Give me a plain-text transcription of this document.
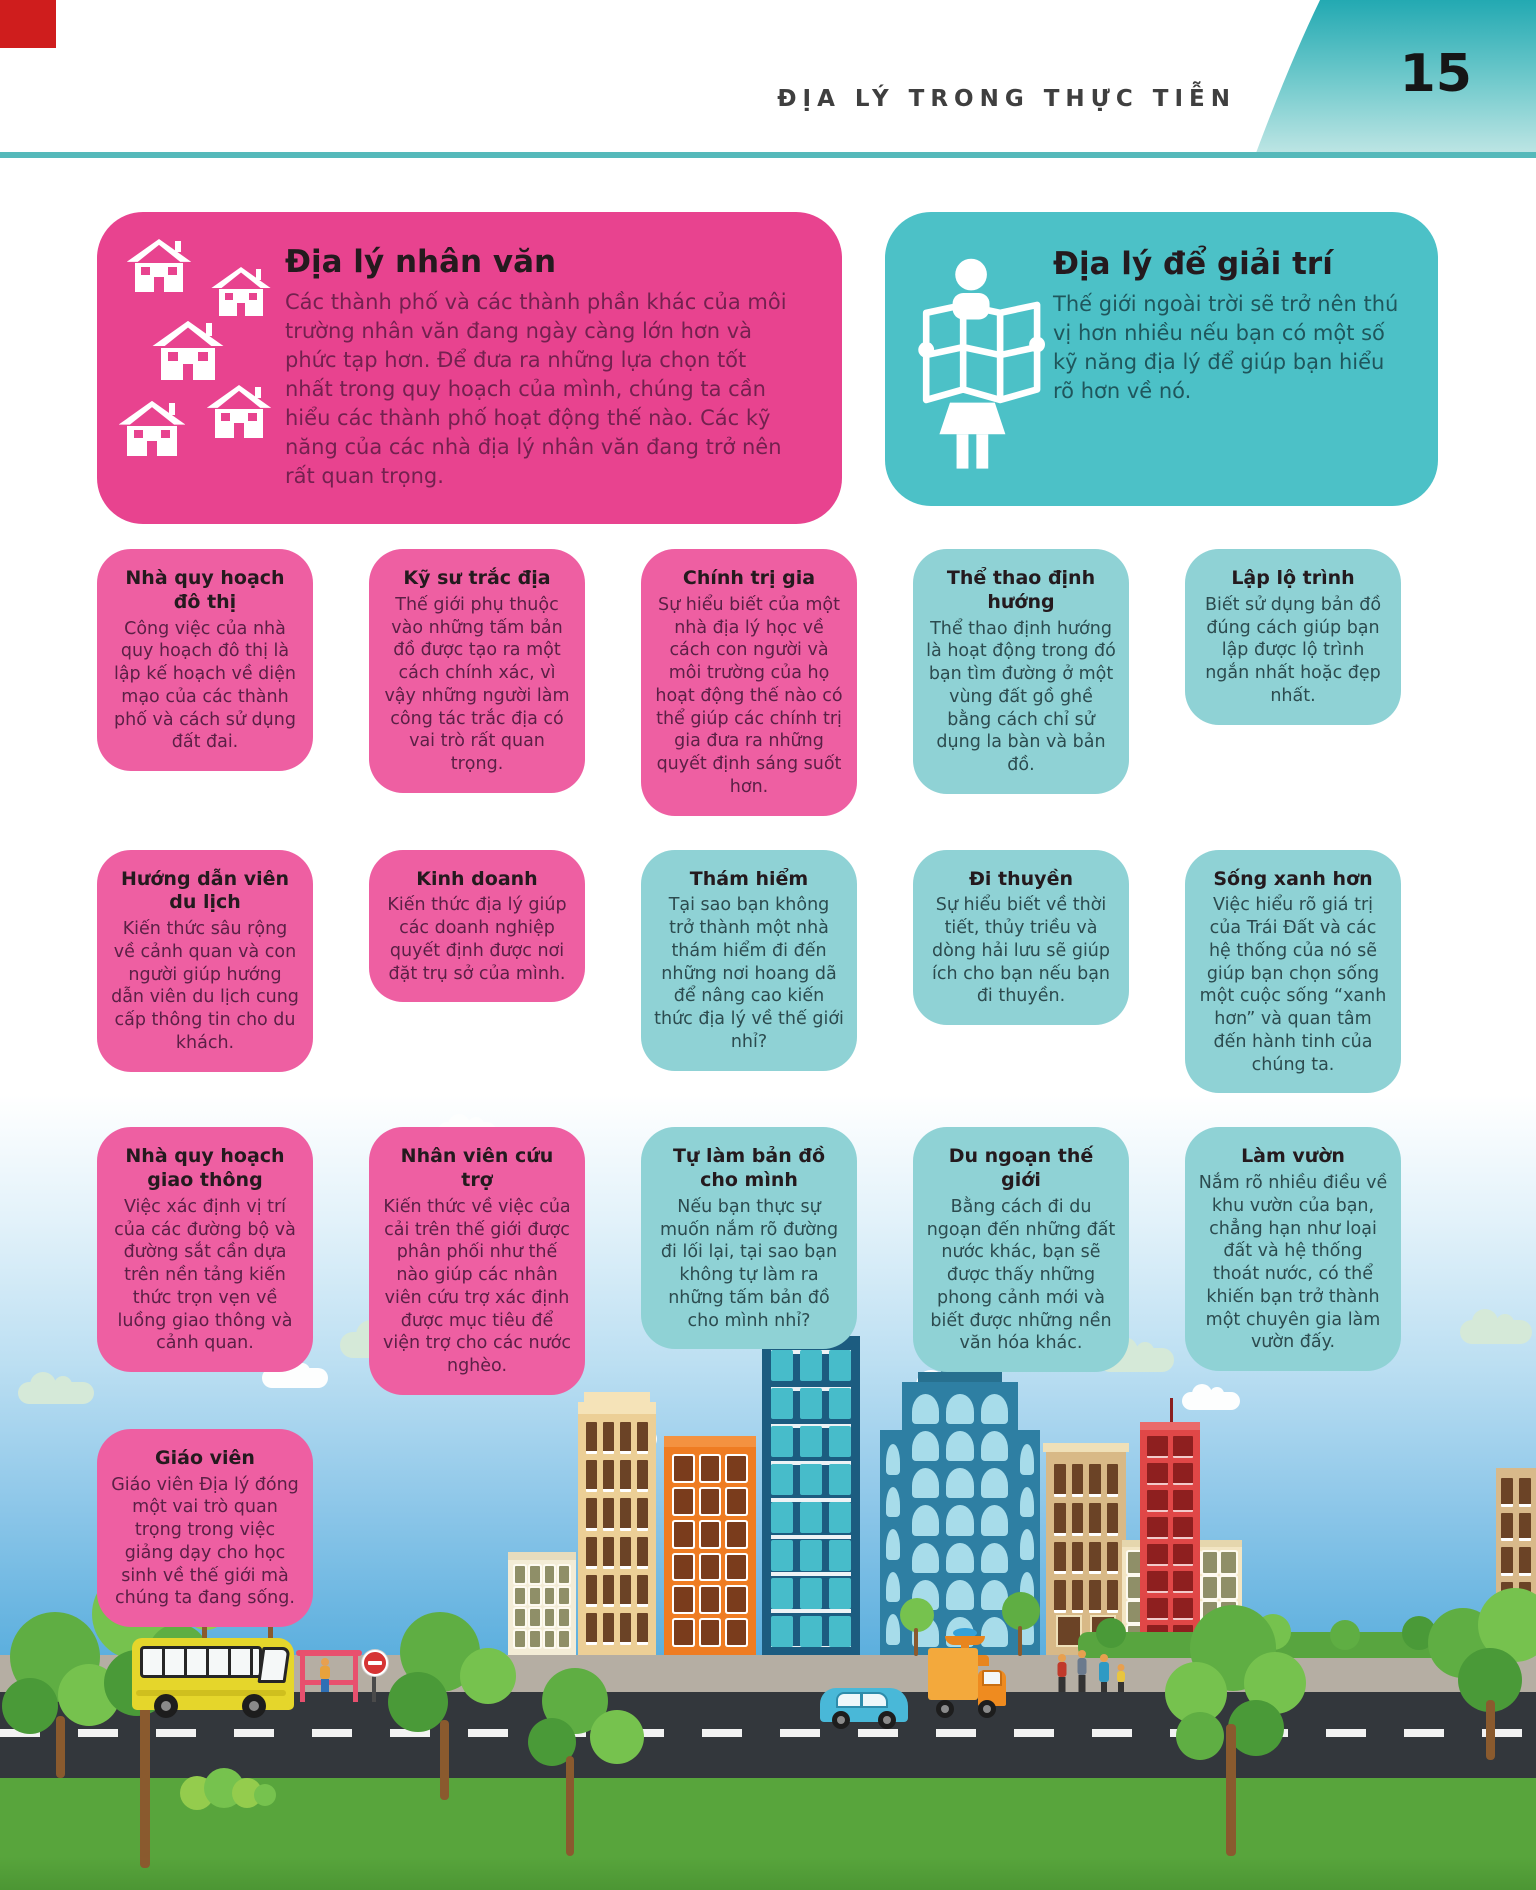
ĐỊA LÝ TRONG THỰC TIỄN	15
Địa lý nhân văn
Các thành phố và các thành phần khác của môi trường nhân văn đang ngày càng lớn hơn và phức tạp hơn. Để đưa ra những lựa chọn tốt nhất trong quy hoạch của mình, chúng ta cần hiểu các thành phố hoạt động thế nào. Các kỹ năng của các nhà địa lý nhân văn đang trở nên rất quan trọng.
Địa lý để giải trí
Thế giới ngoài trời sẽ trở nên thú vị hơn nhiều nếu bạn có một số kỹ năng địa lý để giúp bạn hiểu rõ hơn về nó.
Nhà quy hoạch đô thị
Công việc của nhà quy hoạch đô thị là lập kế hoạch về diện mạo của các thành phố và cách sử dụng đất đai.
Kỹ sư trắc địa
Thế giới phụ thuộc vào những tấm bản đồ được tạo ra một cách chính xác, vì vậy những người làm công tác trắc địa có vai trò rất quan trọng.
Chính trị gia
Sự hiểu biết của một nhà địa lý học về cách con người và môi trường của họ hoạt động thế nào có thể giúp các chính trị gia đưa ra những quyết định sáng suốt hơn.
Thể thao định hướng
Thể thao định hướng là hoạt động trong đó bạn tìm đường ở một vùng đất gồ ghề bằng cách chỉ sử dụng la bàn và bản đồ.
Lập lộ trình
Biết sử dụng bản đồ đúng cách giúp bạn lập được lộ trình ngắn nhất hoặc đẹp nhất.
Hướng dẫn viên du lịch
Kiến thức sâu rộng về cảnh quan và con người giúp hướng dẫn viên du lịch cung cấp thông tin cho du khách.
Kinh doanh
Kiến thức địa lý giúp các doanh nghiệp quyết định được nơi đặt trụ sở của mình.
Thám hiểm
Tại sao bạn không trở thành một nhà thám hiểm đi đến những nơi hoang dã để nâng cao kiến thức địa lý về thế giới nhỉ?
Đi thuyền
Sự hiểu biết về thời tiết, thủy triều và dòng hải lưu sẽ giúp ích cho bạn nếu bạn đi thuyền.
Sống xanh hơn
Việc hiểu rõ giá trị của Trái Đất và các hệ thống của nó sẽ giúp bạn chọn sống một cuộc sống “xanh hơn” và quan tâm đến hành tinh của chúng ta.
Nhà quy hoạch giao thông
Việc xác định vị trí của các đường bộ và đường sắt cần dựa trên nền tảng kiến thức trọn vẹn về luồng giao thông và cảnh quan.
Nhân viên cứu trợ
Kiến thức về việc của cải trên thế giới được phân phối như thế nào giúp các nhân viên cứu trợ xác định được mục tiêu để viện trợ cho các nước nghèo.
Tự làm bản đồ cho mình
Nếu bạn thực sự muốn nắm rõ đường đi lối lại, tại sao bạn không tự làm ra những tấm bản đồ cho mình nhỉ?
Du ngoạn thế giới
Bằng cách đi du ngoạn đến những đất nước khác, bạn sẽ được thấy những phong cảnh mới và biết được những nền văn hóa khác.
Làm vườn
Nắm rõ nhiều điều về khu vườn của bạn, chẳng hạn như loại đất và hệ thống thoát nước, có thể khiến bạn trở thành một chuyên gia làm vườn đấy.
Giáo viên
Giáo viên Địa lý đóng một vai trò quan trọng trong việc giảng dạy cho học sinh về thế giới mà chúng ta đang sống.
